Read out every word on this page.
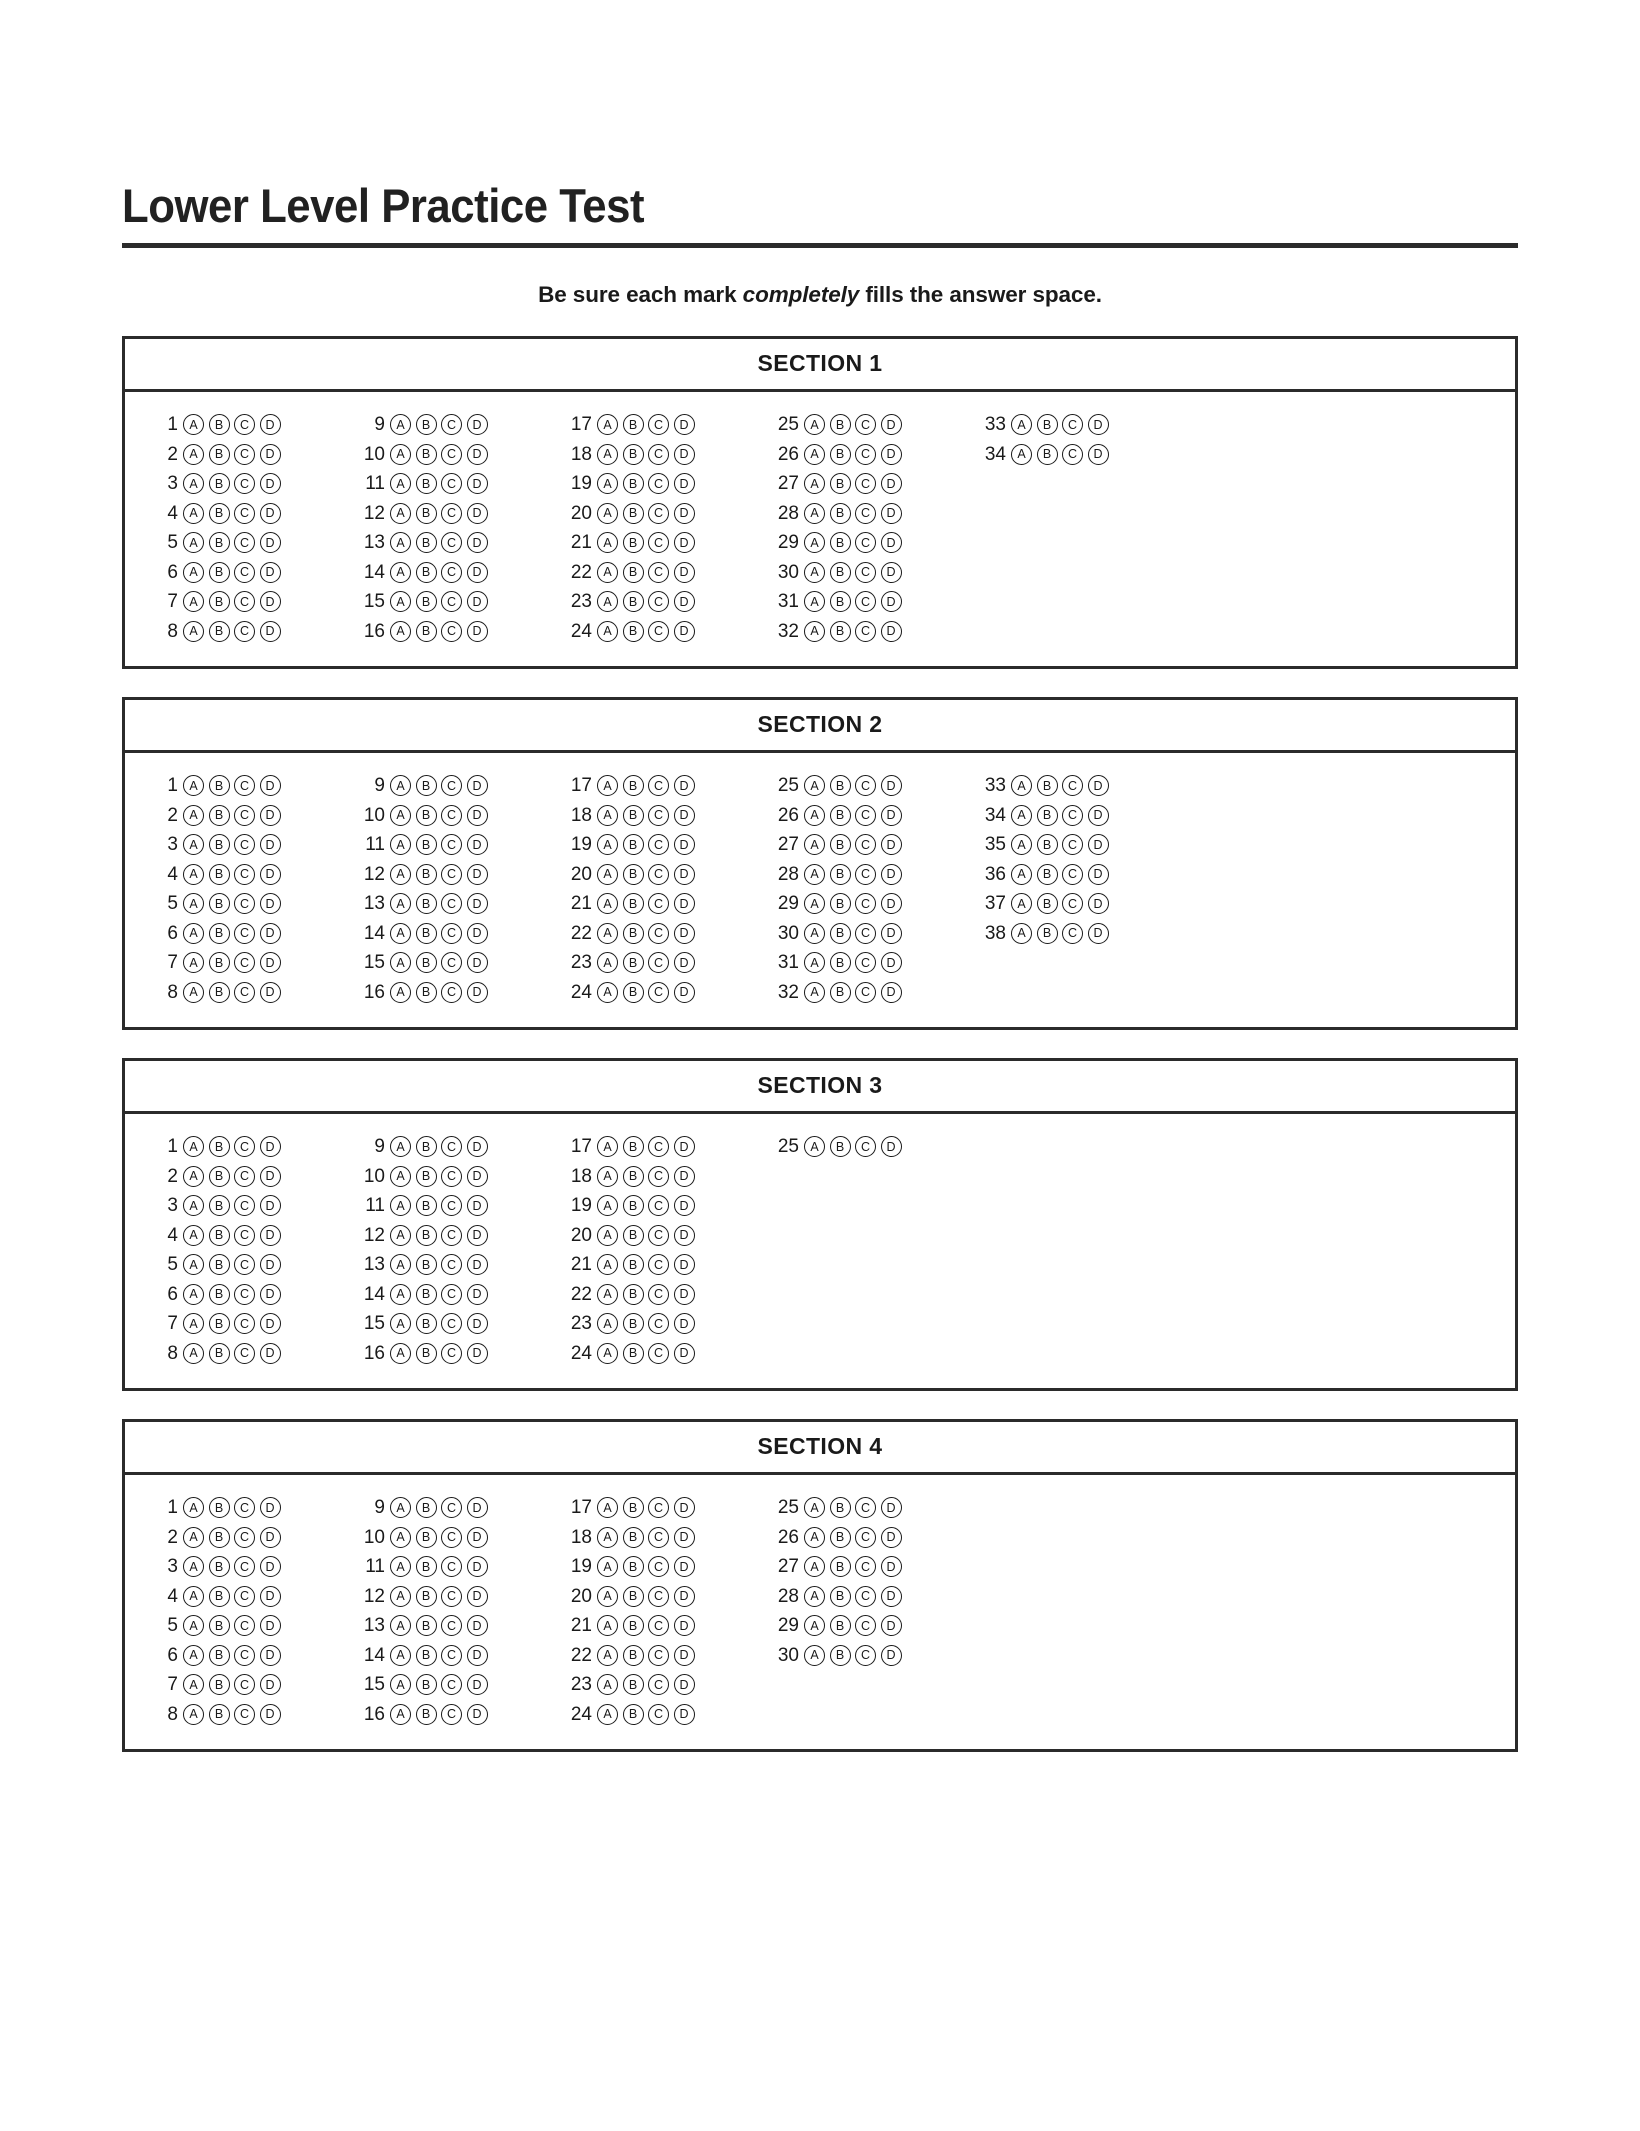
Lower Level Practice Test
Be sure each mark completely fills the answer space.
SECTION 1
1 A	B	C	D
2 A	B	C	D
3 A	B	C	D
4 A	B	C	D
5 A	B	C	D
6 A	B	C	D
7 A	B	C	D
8 A	B	C	D
9 A	B	C	D
10 A	B	C	D
11 A	B	C	D
12 A	B	C	D
13 A	B	C	D
14 A	B	C	D
15 A	B	C	D
16 A	B	C	D
17 A	B	C	D
18 A	B	C	D
19 A	B	C	D
20 A	B	C	D
21 A	B	C	D
22 A	B	C	D
23 A	B	C	D
24 A	B	C	D
25 A	B	C	D
26 A	B	C	D
27 A	B	C	D
28 A	B	C	D
29 A	B	C	D
30 A	B	C	D
31 A	B	C	D
32 A	B	C	D
33 A	B	C	D
34 A	B	C	D
SECTION 2
1 A	B	C	D
2 A	B	C	D
3 A	B	C	D
4 A	B	C	D
5 A	B	C	D
6 A	B	C	D
7 A	B	C	D
8 A	B	C	D
9 A	B	C	D
10 A	B	C	D
11 A	B	C	D
12 A	B	C	D
13 A	B	C	D
14 A	B	C	D
15 A	B	C	D
16 A	B	C	D
17 A	B	C	D
18 A	B	C	D
19 A	B	C	D
20 A	B	C	D
21 A	B	C	D
22 A	B	C	D
23 A	B	C	D
24 A	B	C	D
25 A	B	C	D
26 A	B	C	D
27 A	B	C	D
28 A	B	C	D
29 A	B	C	D
30 A	B	C	D
31 A	B	C	D
32 A	B	C	D
33 A	B	C	D
34 A	B	C	D
35 A	B	C	D
36 A	B	C	D
37 A	B	C	D
38 A	B	C	D
SECTION 3
1 A	B	C	D
2 A	B	C	D
3 A	B	C	D
4 A	B	C	D
5 A	B	C	D
6 A	B	C	D
7 A	B	C	D
8 A	B	C	D
9 A	B	C	D
10 A	B	C	D
11 A	B	C	D
12 A	B	C	D
13 A	B	C	D
14 A	B	C	D
15 A	B	C	D
16 A	B	C	D
17 A	B	C	D
18 A	B	C	D
19 A	B	C	D
20 A	B	C	D
21 A	B	C	D
22 A	B	C	D
23 A	B	C	D
24 A	B	C	D
25 A	B	C	D
SECTION 4
1 A	B	C	D
2 A	B	C	D
3 A	B	C	D
4 A	B	C	D
5 A	B	C	D
6 A	B	C	D
7 A	B	C	D
8 A	B	C	D
9 A	B	C	D
10 A	B	C	D
11 A	B	C	D
12 A	B	C	D
13 A	B	C	D
14 A	B	C	D
15 A	B	C	D
16 A	B	C	D
17 A	B	C	D
18 A	B	C	D
19 A	B	C	D
20 A	B	C	D
21 A	B	C	D
22 A	B	C	D
23 A	B	C	D
24 A	B	C	D
25 A	B	C	D
26 A	B	C	D
27 A	B	C	D
28 A	B	C	D
29 A	B	C	D
30 A	B	C	D
